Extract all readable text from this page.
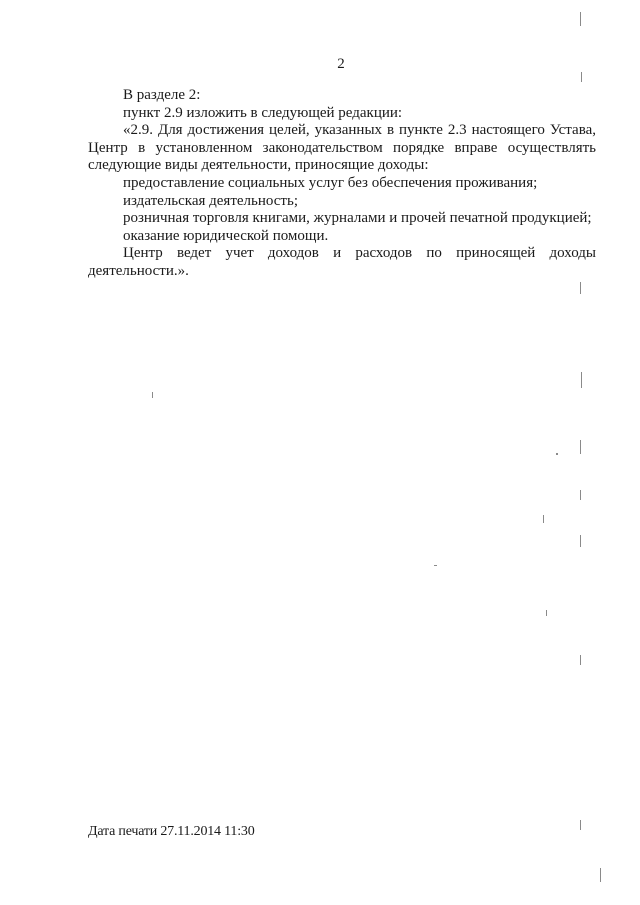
2

В разделе 2:

пункт 2.9 изложить в следующей редакции:

«2.9. Для достижения целей, указанных в пункте 2.3 настоящего Устава, Центр в установленном законодательством порядке вправе осуществлять следующие виды деятельности, приносящие доходы:

предоставление социальных услуг без обеспечения проживания;

издательская деятельность;

розничная торговля книгами, журналами и прочей печатной продукцией;

оказание юридической помощи.

Центр ведет учет доходов и расходов по приносящей доходы деятельности.».

Дата печати 27.11.2014 11:30
